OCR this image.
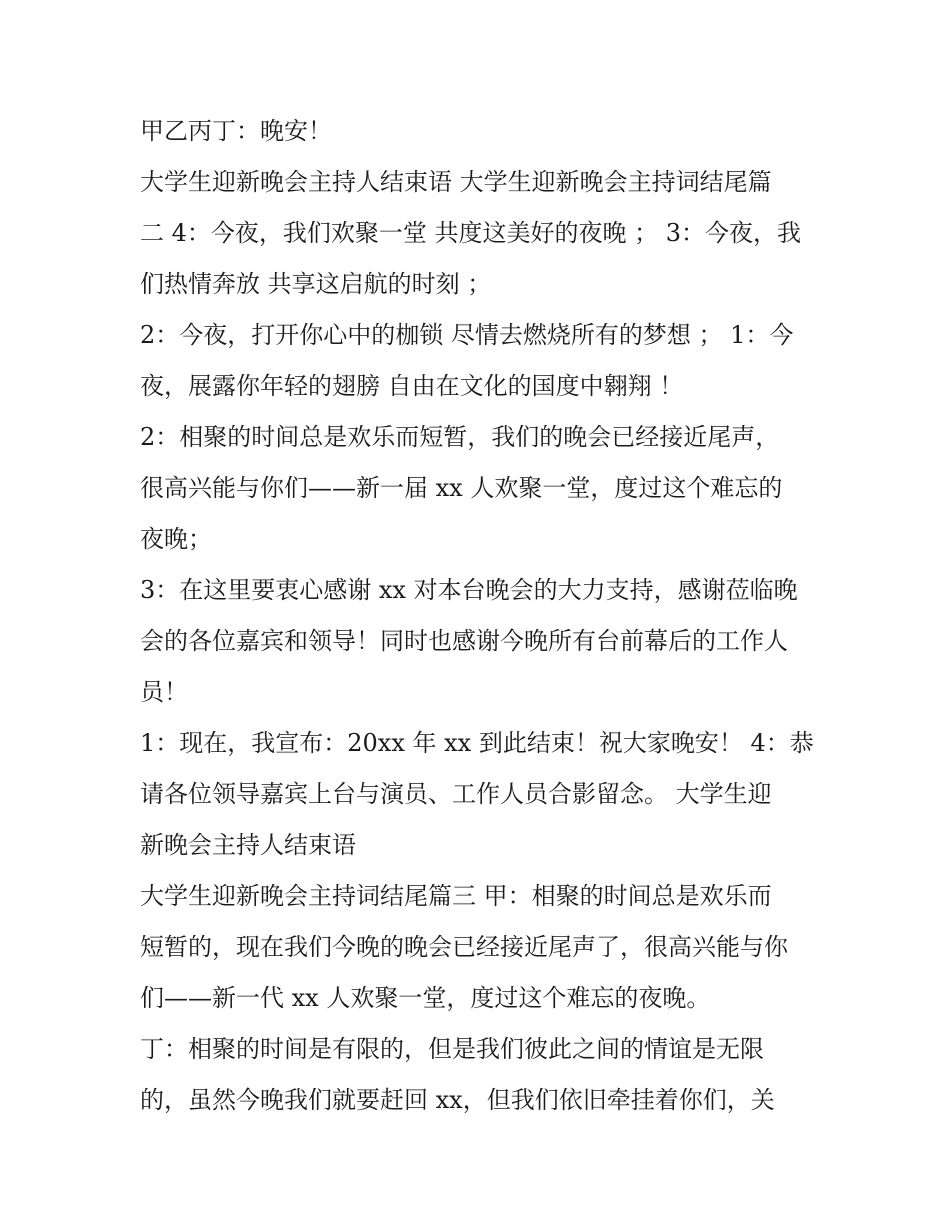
甲乙丙丁：晚安！
大学生迎新晚会主持人结束语 大学生迎新晚会主持词结尾篇
二 4：今夜，我们欢聚一堂 共度这美好的夜晚 ； 3：今夜，我
们热情奔放 共享这启航的时刻 ；
2：今夜，打开你心中的枷锁 尽情去燃烧所有的梦想 ； 1：今
夜，展露你年轻的翅膀 自由在文化的国度中翱翔 ！
2：相聚的时间总是欢乐而短暂，我们的晚会已经接近尾声，
很高兴能与你们——新一届 xx 人欢聚一堂，度过这个难忘的
夜晚；
3：在这里要衷心感谢 xx 对本台晚会的大力支持，感谢莅临晚
会的各位嘉宾和领导！同时也感谢今晚所有台前幕后的工作人
员！
1：现在，我宣布：20xx 年 xx 到此结束！祝大家晚安！ 4：恭
请各位领导嘉宾上台与演员、工作人员合影留念。 大学生迎
新晚会主持人结束语
大学生迎新晚会主持词结尾篇三 甲：相聚的时间总是欢乐而
短暂的，现在我们今晚的晚会已经接近尾声了，很高兴能与你
们——新一代 xx 人欢聚一堂，度过这个难忘的夜晚。
丁：相聚的时间是有限的，但是我们彼此之间的情谊是无限
的，虽然今晚我们就要赶回 xx，但我们依旧牵挂着你们，关
